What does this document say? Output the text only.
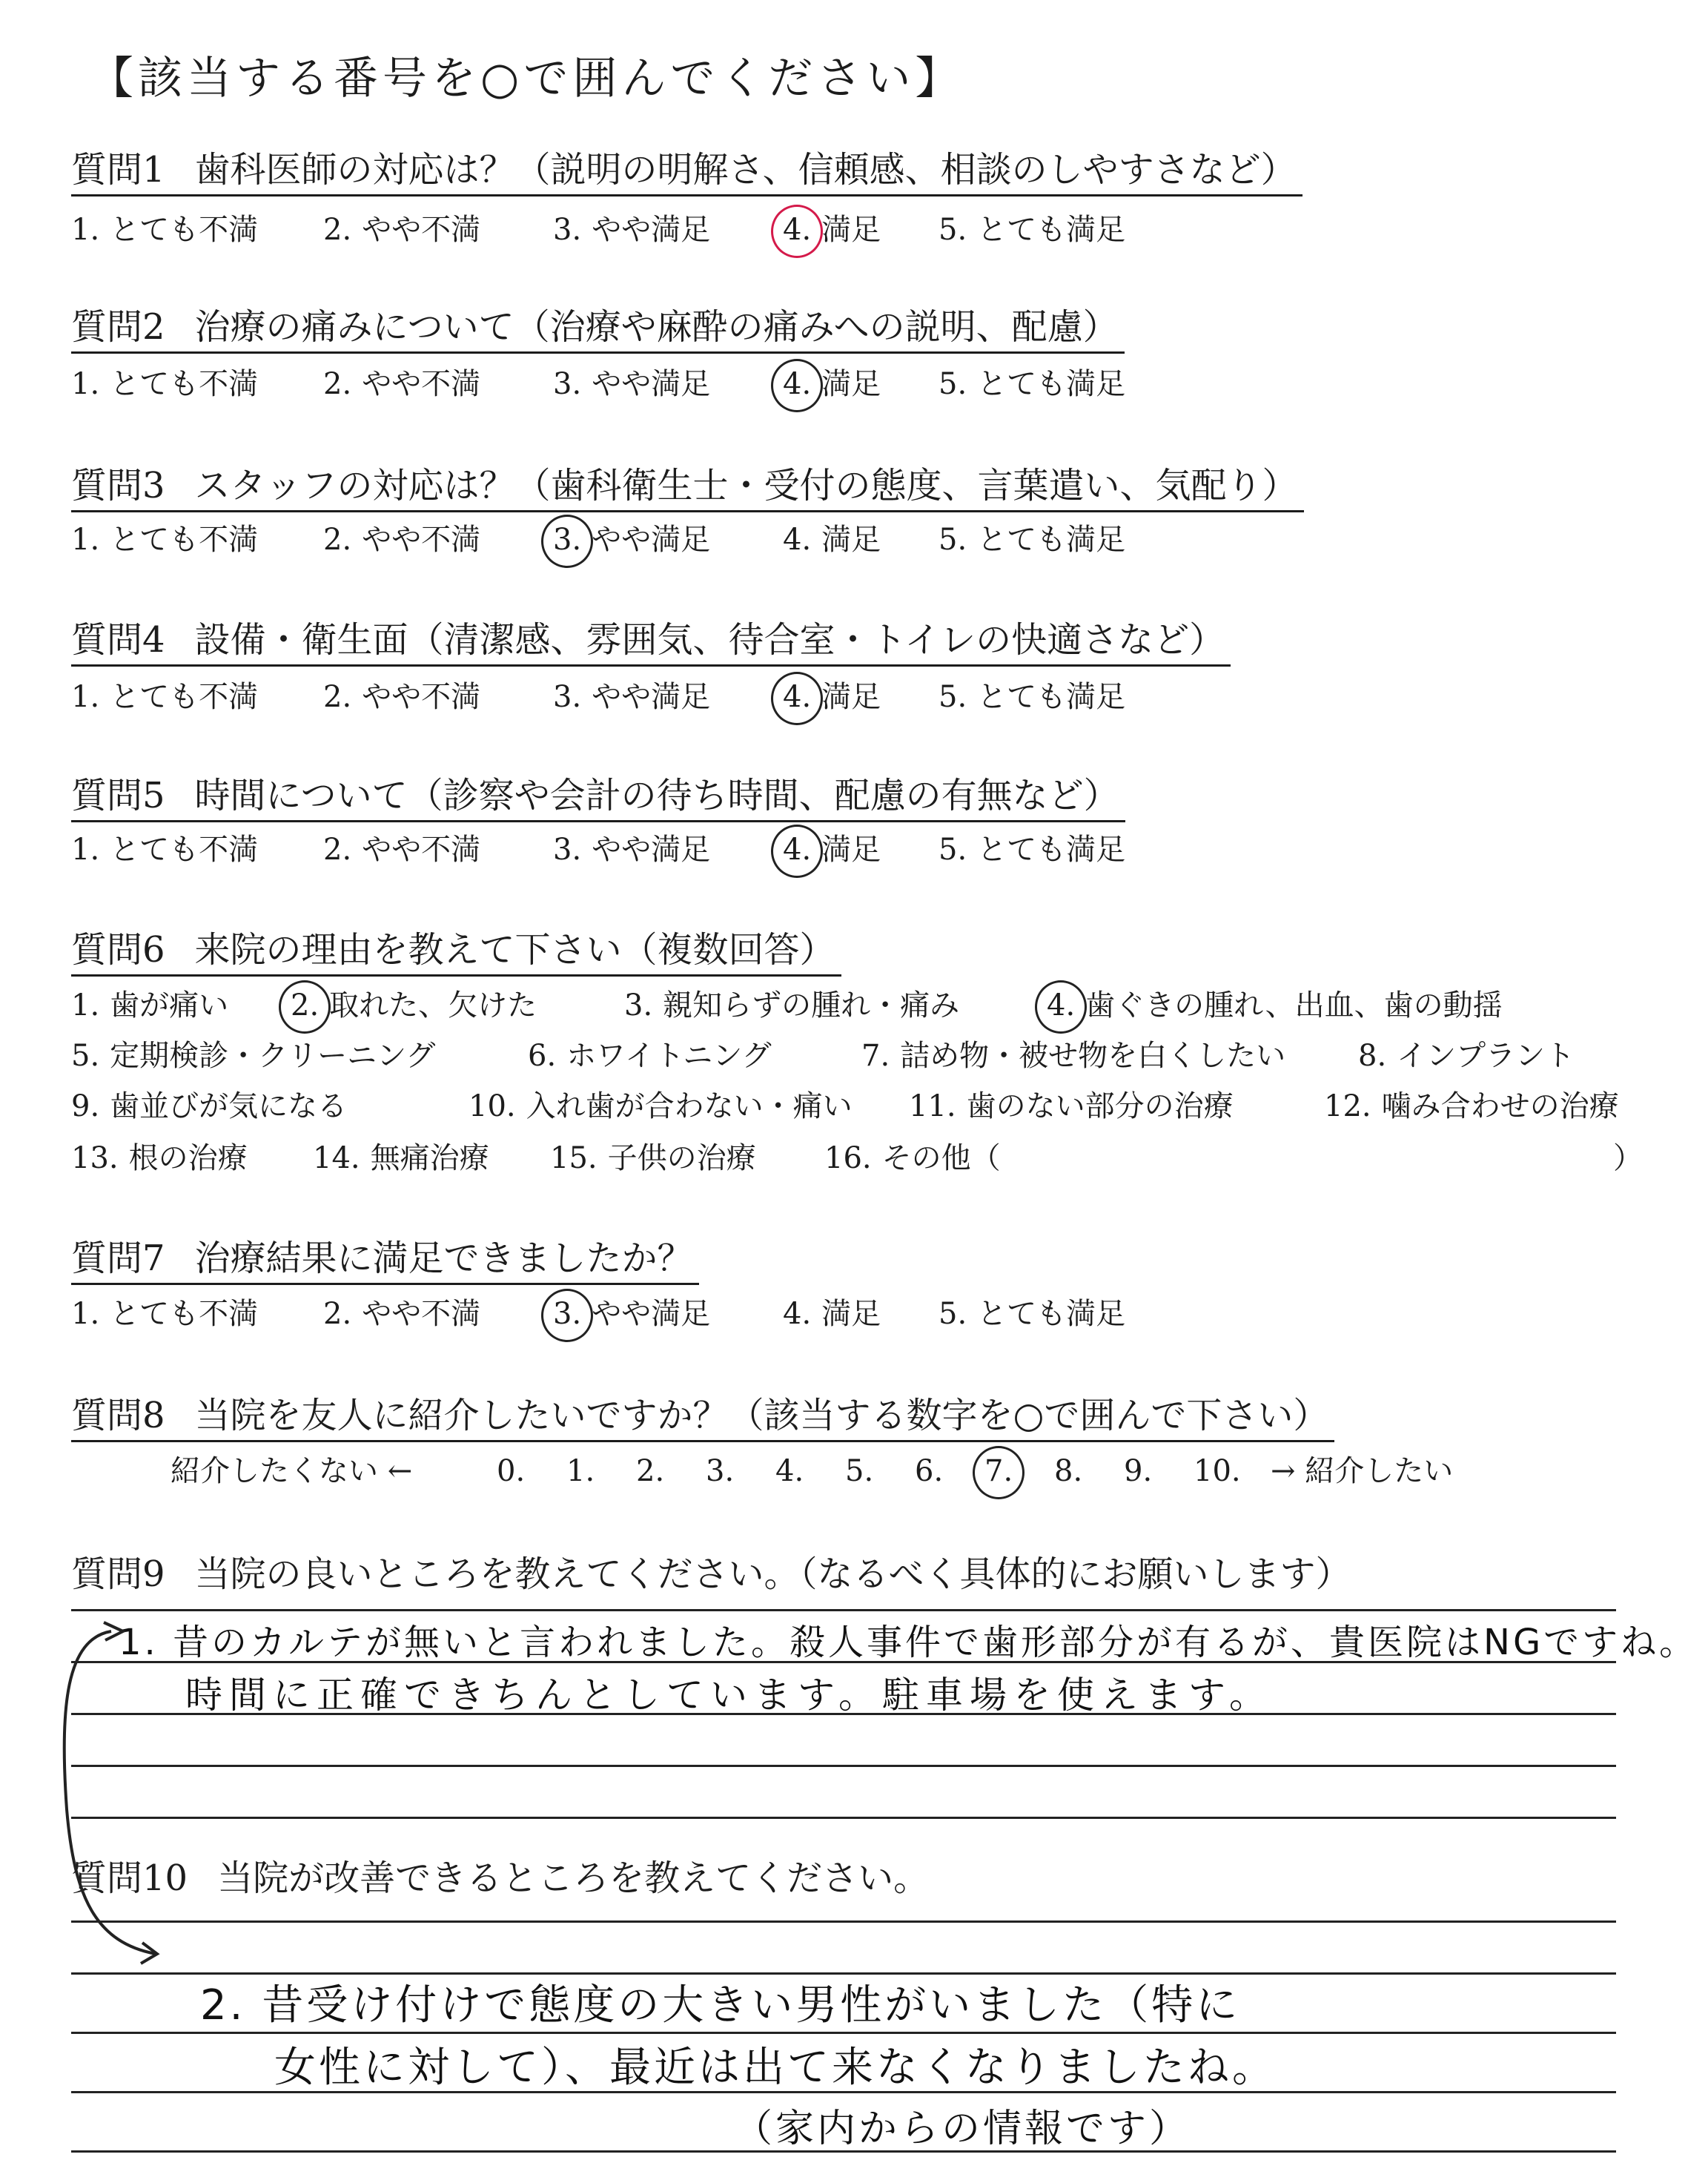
【該当する番号を○で囲んでください】
質問1 歯科医師の対応は？（説明の明解さ、信頼感、相談のしやすさなど）
1. とても不満 2. やや不満 3. やや満足 4. 満足 5. とても満足
質問2 治療の痛みについて（治療や麻酔の痛みへの説明、配慮）
1. とても不満 2. やや不満 3. やや満足 4. 満足 5. とても満足
質問3 スタッフの対応は？（歯科衛生士・受付の態度、言葉遣い、気配り）
1. とても不満 2. やや不満 3. やや満足 4. 満足 5. とても満足
質問4 設備・衛生面（清潔感、雰囲気、待合室・トイレの快適さなど）
1. とても不満 2. やや不満 3. やや満足 4. 満足 5. とても満足
質問5 時間について（診察や会計の待ち時間、配慮の有無など）
1. とても不満 2. やや不満 3. やや満足 4. 満足 5. とても満足
質問6 来院の理由を教えて下さい（複数回答）
1. 歯が痛い 2. 取れた、欠けた	3. 親知らずの腫れ・痛み	4. 歯ぐきの腫れ、出血、歯の動揺
5. 定期検診・クリーニング	6. ホワイトニング	7. 詰め物・被せ物を白くしたい 8. インプラント
9. 歯並びが気になる	10. 入れ歯が合わない・痛い 11. 歯のない部分の治療	12. 噛み合わせの治療
13. 根の治療 14. 無痛治療 15. 子供の治療 16. その他（	）
質問7 治療結果に満足できましたか？
1. とても不満 2. やや不満 3. やや満足 4. 満足 5. とても満足
質問8 当院を友人に紹介したいですか？（該当する数字を○で囲んで下さい）
紹介したくない ←	0.	1.	2.	3.	4.	5.	6.	7.	8.	9.	10.	→ 紹介したい
質問9 当院の良いところを教えてください。（なるべく具体的にお願いします）
1. 昔のカルテが無いと言われました。殺人事件で歯形部分が有るが、貴医院はNGですね。
時間に正確できちんとしています。駐車場を使えます。
質問10 当院が改善できるところを教えてください。
2. 昔受け付けで態度の大きい男性がいました（特に
女性に対して）、最近は出て来なくなりましたね。
（家内からの情報です）
